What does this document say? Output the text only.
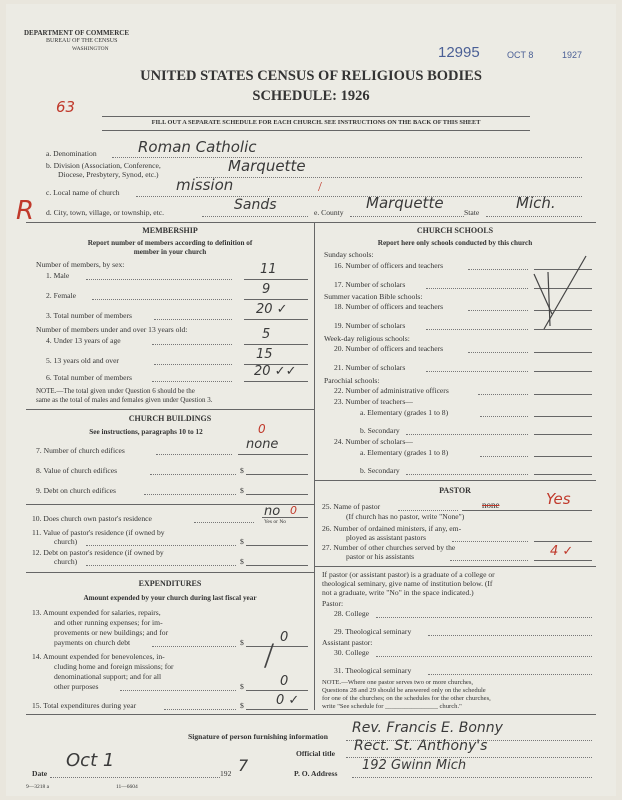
DEPARTMENT OF COMMERCE
BUREAU OF THE CENSUS
WASHINGTON	12995	OCT 8	1927
UNITED STATES CENSUS OF RELIGIOUS BODIES
SCHEDULE: 1926
63
FILL OUT A SEPARATE SCHEDULE FOR EACH CHURCH. SEE INSTRUCTIONS ON THE BACK OF THIS SHEET
a. Denomination	Roman Catholic
b. Division (Association, Conference,
Diocese, Presbytery, Synod, etc.)	Marquette
c. Local name of church	mission	/
R d. City, town, village, or township, etc.	Sands	e. County
Marquette
State
Mich.
MEMBERSHIP
Report number of members according to definition of
member in your church
Number of members, by sex:
1. Male	11
2. Female	9
3. Total number of members	20 ✓
Number of members under and over 13 years old:
4. Under 13 years of age	5
5. 13 years old and over	15
6. Total number of members	20 ✓✓
NOTE.—The total given under Question 6 should be the
same as the total of males and females given under Question 3.
CHURCH BUILDINGS
See instructions, paragraphs 10 to 12	0
7. Number of church edifices	none
8. Value of church edifices	$
9. Debt on church edifices	$
10. Does church own pastor's residence	no 0
Yes or No
11. Value of pastor's residence (if owned by
church)	$
12. Debt on pastor's residence (if owned by
church)	$
EXPENDITURES
Amount expended by your church during last fiscal year
13. Amount expended for salaries, repairs,
and other running expenses; for im-
provements or new buildings; and for
payments on church debt	$	0
14. Amount expended for benevolences, in-
cluding home and foreign missions; for
denominational support; and for all
other purposes	$	0
15. Total expenditures during year	$ 0 ✓
/
CHURCH SCHOOLS
Report here only schools conducted by this church
Sunday schools:
16. Number of officers and teachers
17. Number of scholars
Summer vacation Bible schools:
18. Number of officers and teachers
19. Number of scholars
Week-day religious schools:
20. Number of officers and teachers
21. Number of scholars
Parochial schools:
22. Number of administrative officers
23. Number of teachers—
a. Elementary (grades 1 to 8)
b. Secondary
24. Number of scholars—
a. Elementary (grades 1 to 8)
b. Secondary
PASTOR
25. Name of pastor	none	Yes
(If church has no pastor, write "None")
26. Number of ordained ministers, if any, em-
ployed as assistant pastors
27. Number of other churches served by the
pastor or his assistants	4 ✓
If pastor (or assistant pastor) is a graduate of a college or
theological seminary, give name of institution below. (If
not a graduate, write "No" in the space indicated.)
Pastor:
28. College
29. Theological seminary
Assistant pastor:
30. College
31. Theological seminary
NOTE.—Where one pastor serves two or more churches,
Questions 28 and 29 should be answered only on the schedule
for one of the churches; on the schedules for the other churches,
write "See schedule for ________________ church."
Signature of person furnishing information
Rev. Francis E. Bonny
Official title Rect. St. Anthony's
Date
Oct 1
192 7	P. O. Address
192 Gwinn Mich
9—3218 a	11—6604
